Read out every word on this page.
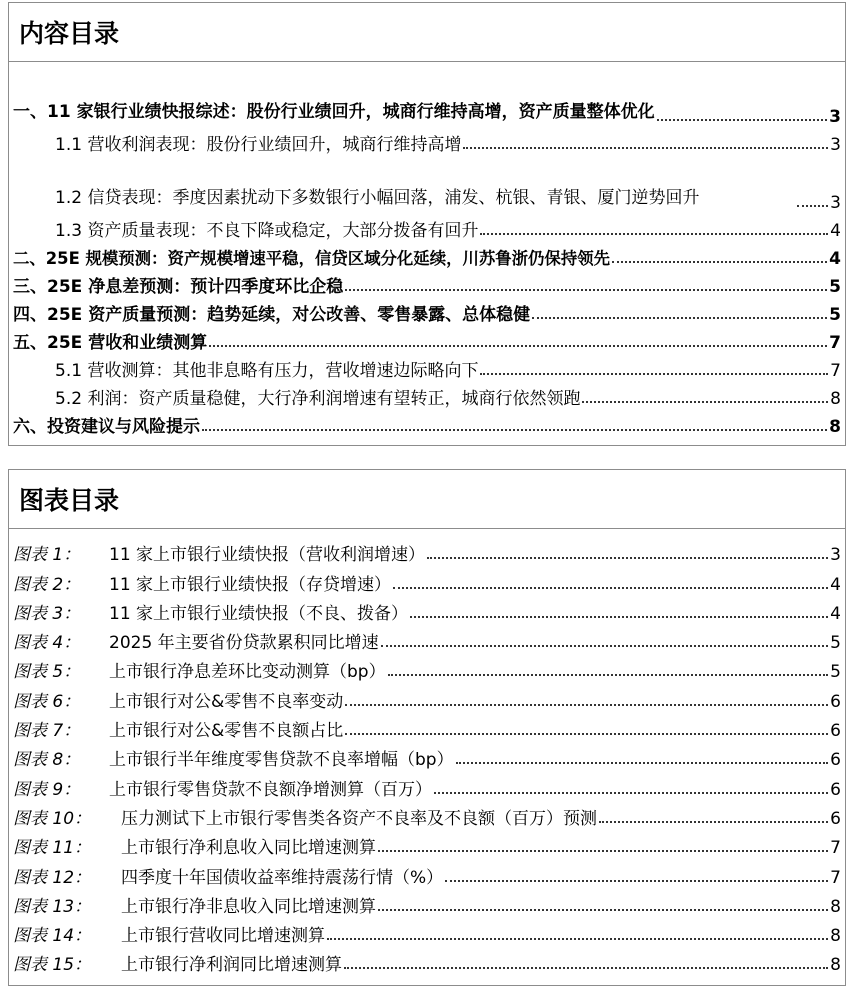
内容目录
一、11 家银行业绩快报综述：股份行业绩回升，城商行维持高增，资产质量整体优化	3
1.1 营收利润表现：股份行业绩回升，城商行维持高增	3
1.2 信贷表现：季度因素扰动下多数银行小幅回落，浦发、杭银、青银、厦门逆势回升	3
1.3 资产质量表现：不良下降或稳定，大部分拨备有回升	4
二、25E 规模预测：资产规模增速平稳，信贷区域分化延续，川苏鲁浙仍保持领先	4
三、25E 净息差预测：预计四季度环比企稳	5
四、25E 资产质量预测：趋势延续，对公改善、零售暴露、总体稳健	5
五、25E 营收和业绩测算	7
5.1 营收测算：其他非息略有压力，营收增速边际略向下	7
5.2 利润：资产质量稳健，大行净利润增速有望转正，城商行依然领跑	8
六、投资建议与风险提示	8
图表目录
图表 1：	11 家上市银行业绩快报（营收利润增速）	3
图表 2：	11 家上市银行业绩快报（存贷增速）	4
图表 3：	11 家上市银行业绩快报（不良、拨备）	4
图表 4：	2025 年主要省份贷款累积同比增速	5
图表 5：	上市银行净息差环比变动测算（bp）	5
图表 6：	上市银行对公&零售不良率变动	6
图表 7：	上市银行对公&零售不良额占比	6
图表 8：	上市银行半年维度零售贷款不良率增幅（bp）	6
图表 9：	上市银行零售贷款不良额净增测算（百万）	6
图表 10：	压力测试下上市银行零售类各资产不良率及不良额（百万）预测	6
图表 11：	上市银行净利息收入同比增速测算	7
图表 12：	四季度十年国债收益率维持震荡行情（%）	7
图表 13：	上市银行净非息收入同比增速测算	8
图表 14：	上市银行营收同比增速测算	8
图表 15：	上市银行净利润同比增速测算	8
